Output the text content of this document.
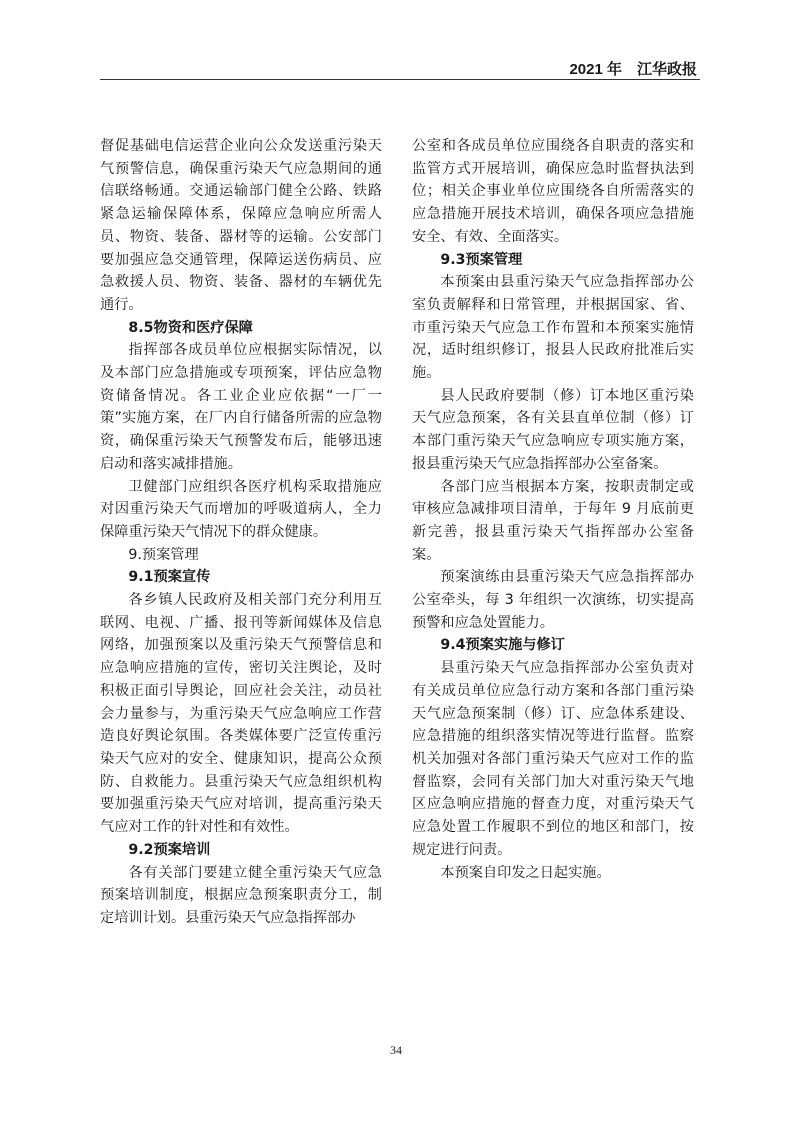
2021 年　江华政报

督促基础电信运营企业向公众发送重污染天气预警信息，确保重污染天气应急期间的通信联络畅通。交通运输部门健全公路、铁路紧急运输保障体系，保障应急响应所需人员、物资、装备、器材等的运输。公安部门要加强应急交通管理，保障运送伤病员、应急救援人员、物资、装备、器材的车辆优先通行。

8.5物资和医疗保障

指挥部各成员单位应根据实际情况，以及本部门应急措施或专项预案，评估应急物资储备情况。各工业企业应依据“一厂一策”实施方案，在厂内自行储备所需的应急物资，确保重污染天气预警发布后，能够迅速启动和落实减排措施。

卫健部门应组织各医疗机构采取措施应对因重污染天气而增加的呼吸道病人，全力保障重污染天气情况下的群众健康。

9.预案管理

9.1预案宣传

各乡镇人民政府及相关部门充分利用互联网、电视、广播、报刊等新闻媒体及信息网络，加强预案以及重污染天气预警信息和应急响应措施的宣传，密切关注舆论，及时积极正面引导舆论，回应社会关注，动员社会力量参与，为重污染天气应急响应工作营造良好舆论氛围。各类媒体要广泛宣传重污染天气应对的安全、健康知识，提高公众预防、自救能力。县重污染天气应急组织机构要加强重污染天气应对培训，提高重污染天气应对工作的针对性和有效性。

9.2预案培训

各有关部门要建立健全重污染天气应急预案培训制度，根据应急预案职责分工，制定培训计划。县重污染天气应急指挥部办

公室和各成员单位应围绕各自职责的落实和监管方式开展培训，确保应急时监督执法到位；相关企事业单位应围绕各自所需落实的应急措施开展技术培训，确保各项应急措施安全、有效、全面落实。

9.3预案管理

本预案由县重污染天气应急指挥部办公室负责解释和日常管理，并根据国家、省、市重污染天气应急工作布置和本预案实施情况，适时组织修订，报县人民政府批准后实施。

县人民政府要制（修）订本地区重污染天气应急预案，各有关县直单位制（修）订本部门重污染天气应急响应专项实施方案，报县重污染天气应急指挥部办公室备案。

各部门应当根据本方案，按职责制定或审核应急减排项目清单，于每年 9 月底前更新完善，报县重污染天气指挥部办公室备案。

预案演练由县重污染天气应急指挥部办公室牵头，每 3 年组织一次演练，切实提高预警和应急处置能力。

9.4预案实施与修订

县重污染天气应急指挥部办公室负责对有关成员单位应急行动方案和各部门重污染天气应急预案制（修）订、应急体系建设、应急措施的组织落实情况等进行监督。监察机关加强对各部门重污染天气应对工作的监督监察，会同有关部门加大对重污染天气地区应急响应措施的督查力度，对重污染天气应急处置工作履职不到位的地区和部门，按规定进行问责。

本预案自印发之日起实施。

34
